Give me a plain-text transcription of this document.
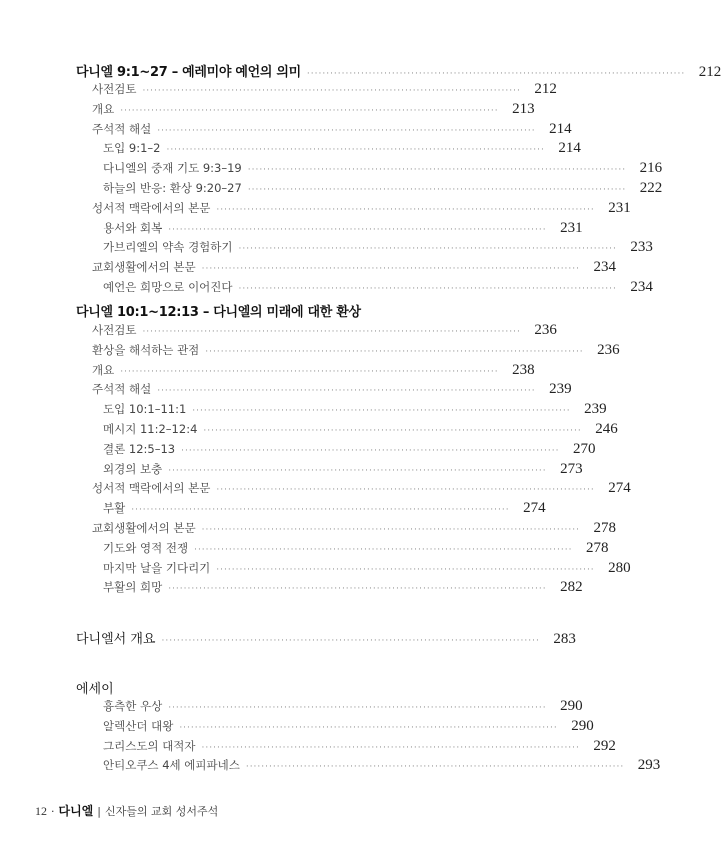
다니엘 9:1~27 – 예레미야 예언의 의미 ·································································································· 212
사전검토 ·································································································· 212
개요 ·································································································· 213
주석적 해설 ·································································································· 214
도입 9:1–2 ·································································································· 214
다니엘의 중재 기도 9:3–19 ·································································································· 216
하늘의 반응: 환상 9:20–27 ·································································································· 222
성서적 맥락에서의 본문 ·································································································· 231
용서와 회복 ·································································································· 231
가브리엘의 약속 경험하기 ·································································································· 233
교회생활에서의 본문 ·································································································· 234
예언은 희망으로 이어진다 ·································································································· 234
다니엘 10:1~12:13 – 다니엘의 미래에 대한 환상
사전검토 ·································································································· 236
환상을 해석하는 관점 ·································································································· 236
개요 ·································································································· 238
주석적 해설 ·································································································· 239
도입 10:1–11:1 ·································································································· 239
메시지 11:2–12:4 ·································································································· 246
결론 12:5–13 ·································································································· 270
외경의 보충 ·································································································· 273
성서적 맥락에서의 본문 ·································································································· 274
부활 ·································································································· 274
교회생활에서의 본문 ·································································································· 278
기도와 영적 전쟁 ·································································································· 278
마지막 날을 기다리기 ·································································································· 280
부활의 희망 ·································································································· 282
다니엘서 개요 ·································································································· 283
에세이
흉측한 우상 ·································································································· 290
알렉산더 대왕 ·································································································· 290
그리스도의 대적자 ·································································································· 292
안티오쿠스 4세 에피파네스 ·································································································· 293
12 · 다니엘 | 신자들의 교회 성서주석
